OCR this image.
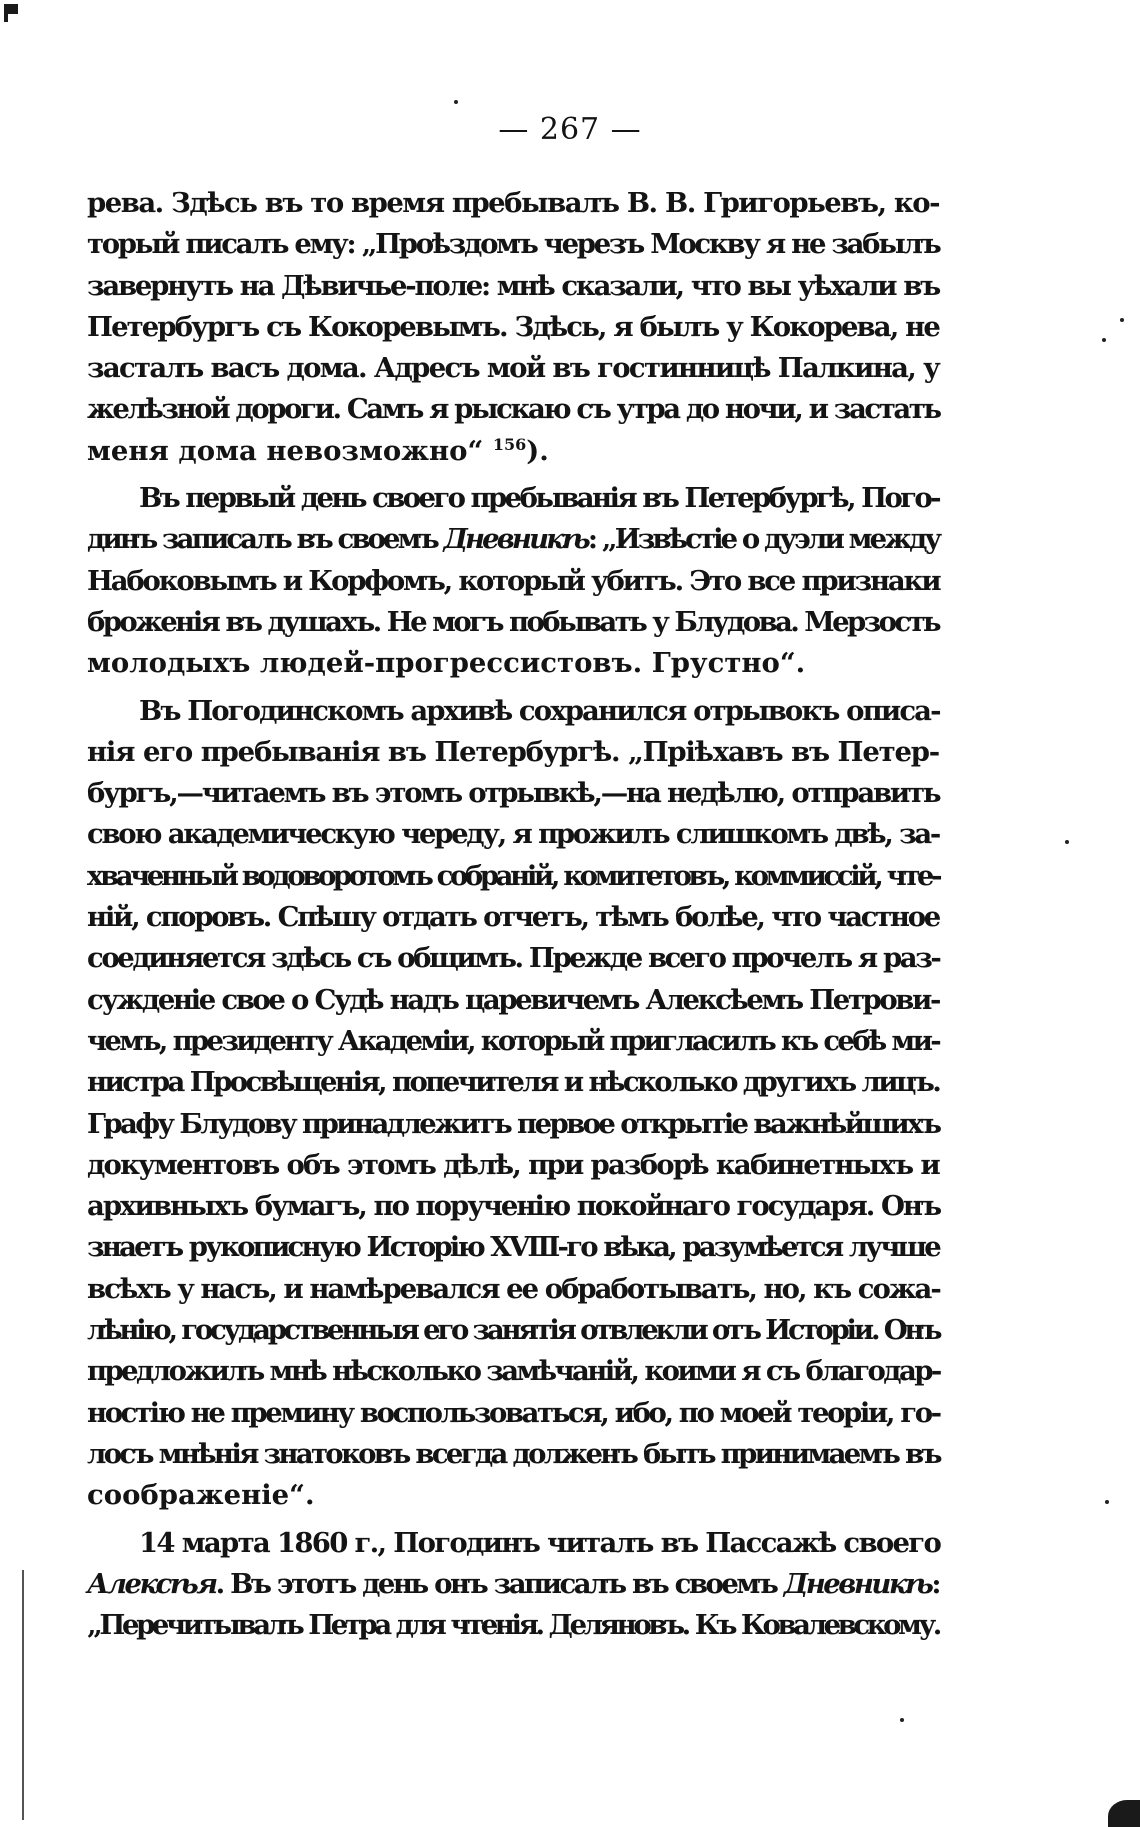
— 267 —
рева. Здѣсь въ то время пребывалъ В. В. Григорьевъ, ко-
торый писалъ ему: „Проѣздомъ черезъ Москву я не забылъ
завернуть на Дѣвичье-поле: мнѣ сказали, что вы уѣхали въ
Петербургъ съ Кокоревымъ. Здѣсь, я былъ у Кокорева, не
засталъ васъ дома. Адресъ мой въ гостинницѣ Палкина, у
желѣзной дороги. Самъ я рыскаю съ утра до ночи, и застать
меня дома невозможно“ $^{156}$).
Въ первый день своего пребыванія въ Петербургѣ, Пого-
динъ записалъ въ своемъ Дневникѣ: „Извѣстіе о дуэли между
Набоковымъ и Корфомъ, который убитъ. Это все признаки
броженія въ душахъ. Не могъ побывать у Блудова. Мерзость
молодыхъ людей-прогрессистовъ. Грустно“.
Въ Погодинскомъ архивѣ сохранился отрывокъ описа-
нія его пребыванія въ Петербургѣ. „Пріѣхавъ въ Петер-
бургъ,—читаемъ въ этомъ отрывкѣ,—на недѣлю, отправить
свою академическую череду, я прожилъ слишкомъ двѣ, за-
хваченный водоворотомъ собраній, комитетовъ, коммиссій, чте-
ній, споровъ. Спѣшу отдать отчетъ, тѣмъ болѣе, что частное
соединяется здѣсь съ общимъ. Прежде всего прочелъ я раз-
сужденіе свое о Судѣ надъ царевичемъ Алексѣемъ Петрови-
чемъ, президенту Академіи, который пригласилъ къ себѣ ми-
нистра Просвѣщенія, попечителя и нѣсколько другихъ лицъ.
Графу Блудову принадлежитъ первое открытіе важнѣйшихъ
документовъ объ этомъ дѣлѣ, при разборѣ кабинетныхъ и
архивныхъ бумагъ, по порученію покойнаго государя. Онъ
знаетъ рукописную Исторію XVIII-го вѣка, разумѣется лучше
всѣхъ у насъ, и намѣревался ее обработывать, но, къ сожа-
лѣнію, государственныя его занятія отвлекли отъ Исторіи. Онъ
предложилъ мнѣ нѣсколько замѣчаній, коими я съ благодар-
ностію не премину воспользоваться, ибо, по моей теоріи, го-
лосъ мнѣнія знатоковъ всегда долженъ быть принимаемъ въ
соображеніе“.
14 марта 1860 г., Погодинъ читалъ въ Пассажѣ своего
Алексѣя. Въ этотъ день онъ записалъ въ своемъ Дневникѣ:
„Перечитывалъ Петра для чтенія. Деляновъ. Къ Ковалевскому.
